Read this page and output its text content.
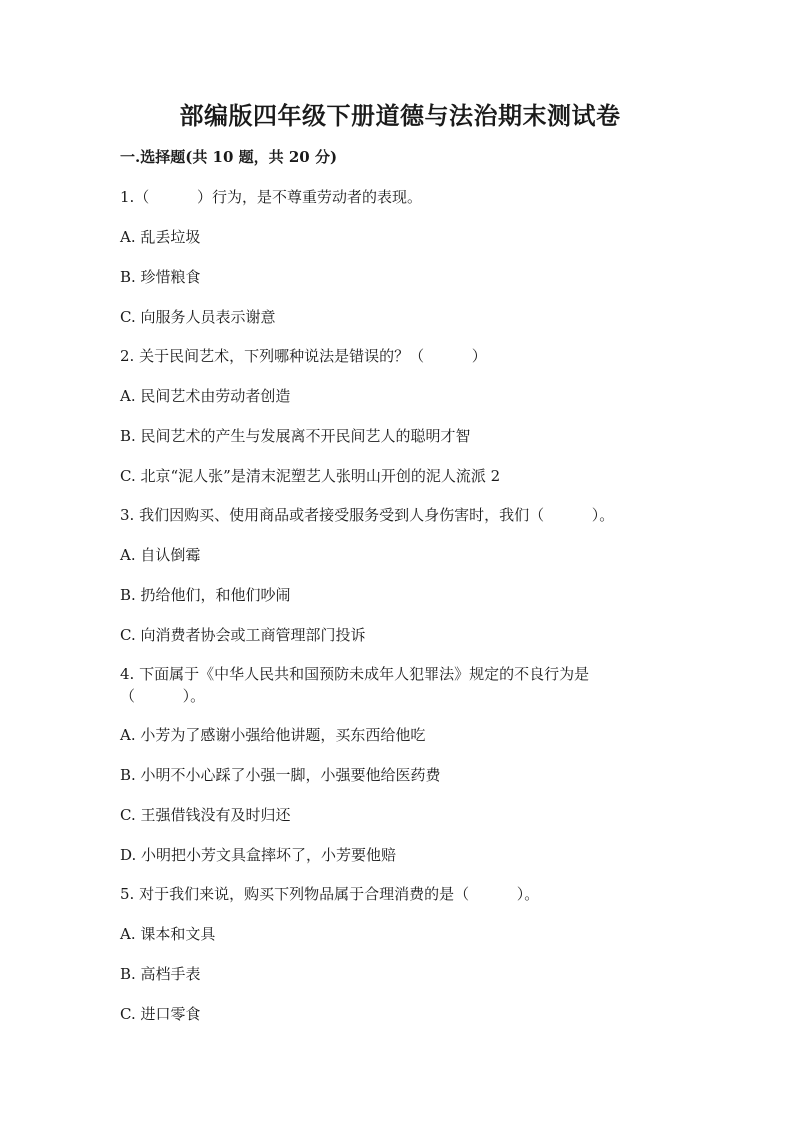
部编版四年级下册道德与法治期末测试卷
一.选择题(共 10 题，共 20 分)

1.（          ）行为，是不尊重劳动者的表现。

A. 乱丢垃圾

B. 珍惜粮食

C. 向服务人员表示谢意

2. 关于民间艺术，下列哪种说法是错误的？（          ）

A. 民间艺术由劳动者创造

B. 民间艺术的产生与发展离不开民间艺人的聪明才智

C. 北京“泥人张”是清末泥塑艺人张明山开创的泥人流派 2

3. 我们因购买、使用商品或者接受服务受到人身伤害时，我们（          ）。

A. 自认倒霉

B. 扔给他们，和他们吵闹

C. 向消费者协会或工商管理部门投诉

4. 下面属于《中华人民共和国预防未成年人犯罪法》规定的不良行为是

（          ）。

A. 小芳为了感谢小强给他讲题，买东西给他吃

B. 小明不小心踩了小强一脚，小强要他给医药费

C. 王强借钱没有及时归还

D. 小明把小芳文具盒摔坏了，小芳要他赔

5. 对于我们来说，购买下列物品属于合理消费的是（          ）。

A. 课本和文具

B. 高档手表

C. 进口零食
